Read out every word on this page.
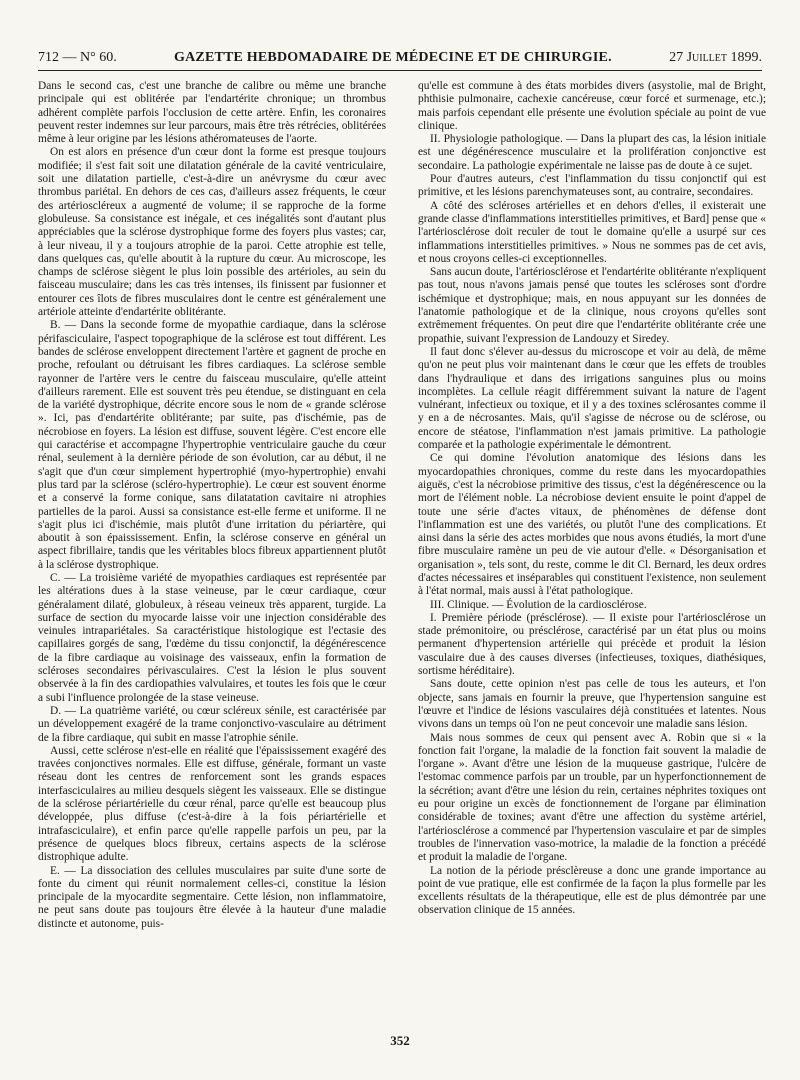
712 — N° 60.	GAZETTE HEBDOMADAIRE DE MÉDECINE ET DE CHIRURGIE.	27 Juillet 1899.

Dans le second cas, c'est une branche de calibre ou même une branche principale qui est oblitérée par l'endartérite chronique; un thrombus adhérent complète parfois l'occlusion de cette artère. Enfin, les coronaires peuvent rester indemnes sur leur parcours, mais être très rétrécies, oblitérées même à leur origine par les lésions athéromateuses de l'aorte.

On est alors en présence d'un cœur dont la forme est presque toujours modifiée; il s'est fait soit une dilatation générale de la cavité ventriculaire, soit une dilatation partielle, c'est-à-dire un anévrysme du cœur avec thrombus pariétal. En dehors de ces cas, d'ailleurs assez fréquents, le cœur des artérioscléreux a augmenté de volume; il se rapproche de la forme globuleuse. Sa consistance est inégale, et ces inégalités sont d'autant plus appréciables que la sclérose dystrophique forme des foyers plus vastes; car, à leur niveau, il y a toujours atrophie de la paroi. Cette atrophie est telle, dans quelques cas, qu'elle aboutit à la rupture du cœur. Au microscope, les champs de sclérose siègent le plus loin possible des artérioles, au sein du faisceau musculaire; dans les cas très intenses, ils finissent par fusionner et entourer ces îlots de fibres musculaires dont le centre est généralement une artériole atteinte d'endartérite oblitérante.

B. — Dans la seconde forme de myopathie cardiaque, dans la sclérose périfasciculaire, l'aspect topographique de la sclérose est tout différent. Les bandes de sclérose enveloppent directement l'artère et gagnent de proche en proche, refoulant ou détruisant les fibres cardiaques. La sclérose semble rayonner de l'artère vers le centre du faisceau musculaire, qu'elle atteint d'ailleurs rarement. Elle est souvent très peu étendue, se distinguant en cela de la variété dystrophique, décrite encore sous le nom de « grande sclérose ». Ici, pas d'endartérite oblitérante; par suite, pas d'ischémie, pas de nécrobiose en foyers. La lésion est diffuse, souvent légère. C'est encore elle qui caractérise et accompagne l'hypertrophie ventriculaire gauche du cœur rénal, seulement à la dernière période de son évolution, car au début, il ne s'agit que d'un cœur simplement hypertrophié (myo-hypertrophie) envahi plus tard par la sclérose (scléro-hypertrophie). Le cœur est souvent énorme et a conservé la forme conique, sans dilatatation cavitaire ni atrophies partielles de la paroi. Aussi sa consistance est-elle ferme et uniforme. Il ne s'agit plus ici d'ischémie, mais plutôt d'une irritation du périartère, qui aboutit à son épaississement. Enfin, la sclérose conserve en général un aspect fibrillaire, tandis que les véritables blocs fibreux appartiennent plutôt à la sclérose dystrophique.

C. — La troisième variété de myopathies cardiaques est représentée par les altérations dues à la stase veineuse, par le cœur cardiaque, cœur généralament dilaté, globuleux, à réseau veineux très apparent, turgide. La surface de section du myocarde laisse voir une injection considérable des veinules intrapariétales. Sa caractéristique histologique est l'ectasie des capillaires gorgés de sang, l'œdème du tissu conjonctif, la dégénérescence de la fibre cardiaque au voisinage des vaisseaux, enfin la formation de scléroses secondaires périvasculaires. C'est la lésion le plus souvent observée à la fin des cardiopathies valvulaires, et toutes les fois que le cœur a subi l'influence prolongée de la stase veineuse.

D. — La quatrième variété, ou cœur scléreux sénile, est caractérisée par un développement exagéré de la trame conjonctivo-vasculaire au détriment de la fibre cardiaque, qui subit en masse l'atrophie sénile.

Aussi, cette sclérose n'est-elle en réalité que l'épaississement exagéré des travées conjonctives normales. Elle est diffuse, générale, formant un vaste réseau dont les centres de renforcement sont les grands espaces interfasciculaires au milieu desquels siègent les vaisseaux. Elle se distingue de la sclérose périartérielle du cœur rénal, parce qu'elle est beaucoup plus développée, plus diffuse (c'est-à-dire à la fois périartérielle et intrafasciculaire), et enfin parce qu'elle rappelle parfois un peu, par la présence de quelques blocs fibreux, certains aspects de la sclérose distrophique adulte.

E. — La dissociation des cellules musculaires par suite d'une sorte de fonte du ciment qui réunit normalement celles-ci, constitue la lésion principale de la myocardite segmentaire. Cette lésion, non inflammatoire, ne peut sans doute pas toujours être élevée à la hauteur d'une maladie distincte et autonome, puis-

qu'elle est commune à des états morbides divers (asystolie, mal de Bright, phthisie pulmonaire, cachexie cancéreuse, cœur forcé et surmenage, etc.); mais parfois cependant elle présente une évolution spéciale au point de vue clinique.

II. Physiologie pathologique. — Dans la plupart des cas, la lésion initiale est une dégénérescence musculaire et la prolifération conjonctive est secondaire. La pathologie expérimentale ne laisse pas de doute à ce sujet.

Pour d'autres auteurs, c'est l'inflammation du tissu conjonctif qui est primitive, et les lésions parenchymateuses sont, au contraire, secondaires.

A côté des scléroses artérielles et en dehors d'elles, il existerait une grande classe d'inflammations interstitielles primitives, et Bard] pense que « l'artériosclérose doit reculer de tout le domaine qu'elle a usurpé sur ces inflammations interstitielles primitives. » Nous ne sommes pas de cet avis, et nous croyons celles-ci exceptionnelles.

Sans aucun doute, l'artériosclérose et l'endartérite oblitérante n'expliquent pas tout, nous n'avons jamais pensé que toutes les scléroses sont d'ordre ischémique et dystrophique; mais, en nous appuyant sur les données de l'anatomie pathologique et de la clinique, nous croyons qu'elles sont extrêmement fréquentes. On peut dire que l'endartérite oblitérante crée une propathie, suivant l'expression de Landouzy et Siredey.

Il faut donc s'élever au-dessus du microscope et voir au delà, de même qu'on ne peut plus voir maintenant dans le cœur que les effets de troubles dans l'hydraulique et dans des irrigations sanguines plus ou moins incomplètes. La cellule réagit différemment suivant la nature de l'agent vulnérant, infectieux ou toxique, et il y a des toxines sclérosantes comme il y en a de nécrosantes. Mais, qu'il s'agisse de nécrose ou de sclérose, ou encore de stéatose, l'inflammation n'est jamais primitive. La pathologie comparée et la pathologie expérimentale le démontrent.

Ce qui domine l'évolution anatomique des lésions dans les myocardopathies chroniques, comme du reste dans les myocardopathies aiguës, c'est la nécrobiose primitive des tissus, c'est la dégénérescence ou la mort de l'élément noble. La nécrobiose devient ensuite le point d'appel de toute une série d'actes vitaux, de phénomènes de défense dont l'inflammation est une des variétés, ou plutôt l'une des complications. Et ainsi dans la série des actes morbides que nous avons étudiés, la mort d'une fibre musculaire ramène un peu de vie autour d'elle. « Désorganisation et organisation », tels sont, du reste, comme le dit Cl. Bernard, les deux ordres d'actes nécessaires et inséparables qui constituent l'existence, non seulement à l'état normal, mais aussi à l'état pathologique.

III. Clinique. — Évolution de la cardiosclérose.

I. Première période (présclérose). — Il existe pour l'artériosclérose un stade prémonitoire, ou présclérose, caractérisé par un état plus ou moins permanent d'hypertension artérielle qui précède et produit la lésion vasculaire due à des causes diverses (infectieuses, toxiques, diathésiques, sortisme héréditaire).

Sans doute, cette opinion n'est pas celle de tous les auteurs, et l'on objecte, sans jamais en fournir la preuve, que l'hypertension sanguine est l'œuvre et l'indice de lésions vasculaires déjà constituées et latentes. Nous vivons dans un temps où l'on ne peut concevoir une maladie sans lésion.

Mais nous sommes de ceux qui pensent avec A. Robin que si « la fonction fait l'organe, la maladie de la fonction fait souvent la maladie de l'organe ». Avant d'être une lésion de la muqueuse gastrique, l'ulcère de l'estomac commence parfois par un trouble, par un hyperfonctionnement de la sécrétion; avant d'être une lésion du rein, certaines néphrites toxiques ont eu pour origine un excès de fonctionnement de l'organe par élimination considérable de toxines; avant d'être une affection du système artériel, l'artériosclérose a commencé par l'hypertension vasculaire et par de simples troubles de l'innervation vaso-motrice, la maladie de la fonction a précédé et produit la maladie de l'organe.

La notion de la période présclèreuse a donc une grande importance au point de vue pratique, elle est confirmée de la façon la plus formelle par les excellents résultats de la thérapeutique, elle est de plus démontrée par une observation clinique de 15 années.

352
